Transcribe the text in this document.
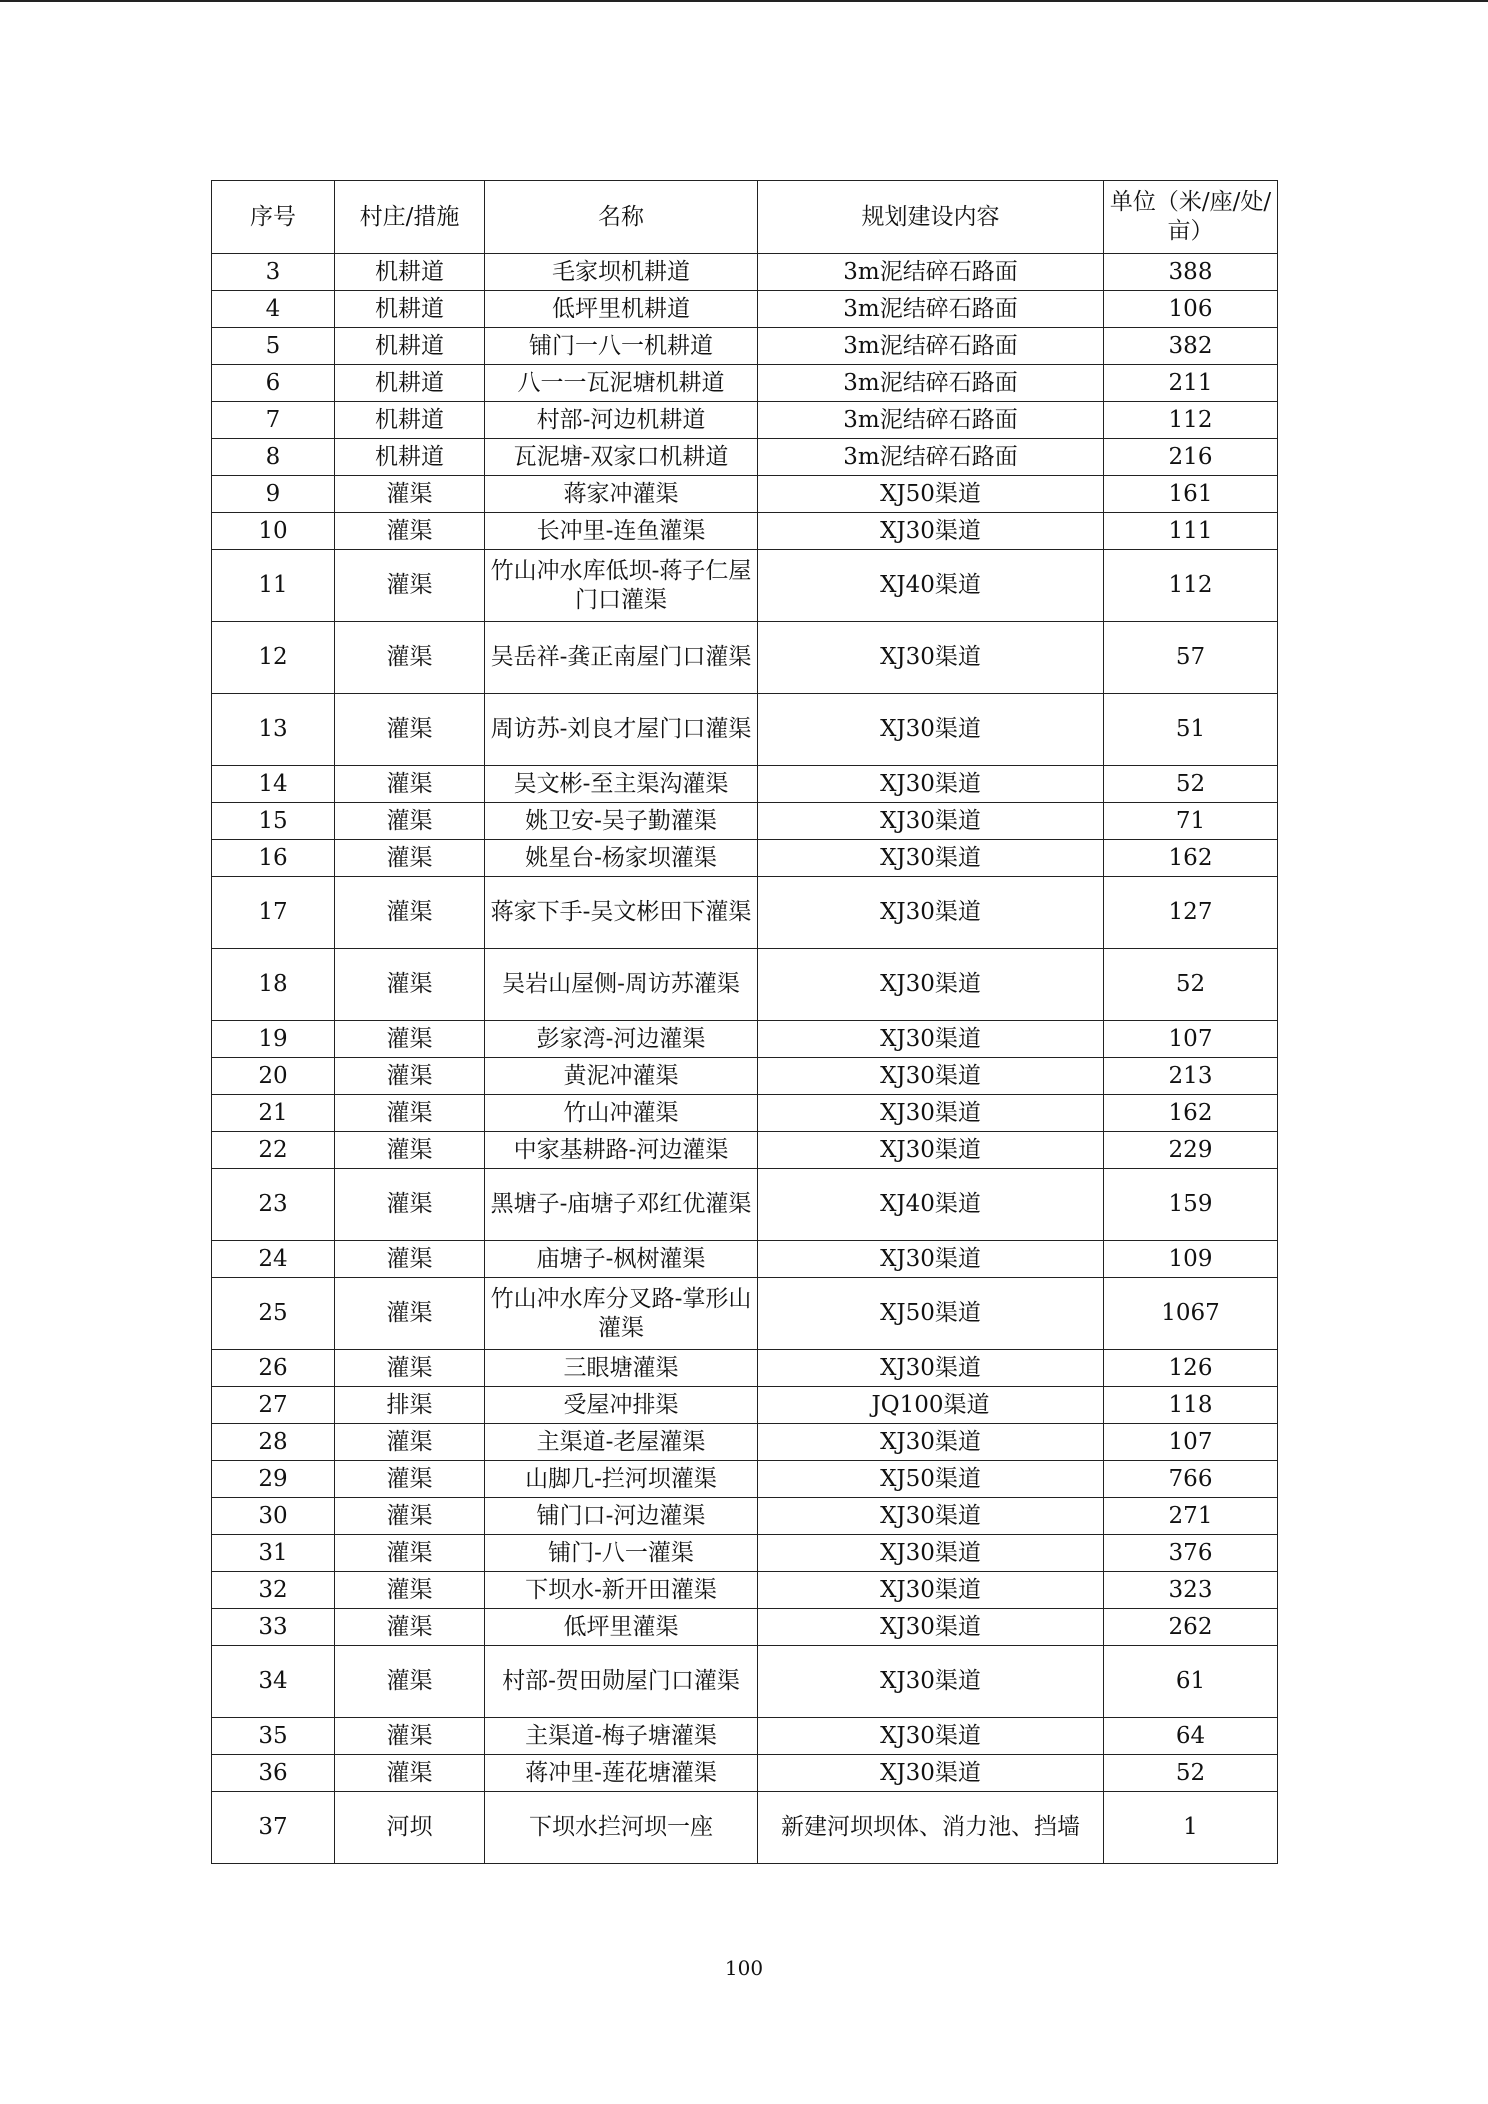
序号	村庄/措施	名称	规划建设内容	单位（米/座/处/亩）
3	机耕道	毛家坝机耕道	3m泥结碎石路面	388
4	机耕道	低坪里机耕道	3m泥结碎石路面	106
5	机耕道	铺门一八一机耕道	3m泥结碎石路面	382
6	机耕道	八一一瓦泥塘机耕道	3m泥结碎石路面	211
7	机耕道	村部-河边机耕道	3m泥结碎石路面	112
8	机耕道	瓦泥塘-双家口机耕道	3m泥结碎石路面	216
9	灌渠	蒋家冲灌渠	XJ50渠道	161
10	灌渠	长冲里-连鱼灌渠	XJ30渠道	111
11	灌渠	竹山冲水库低坝-蒋子仁屋门口灌渠	XJ40渠道	112
12	灌渠	吴岳祥-龚正南屋门口灌渠	XJ30渠道	57
13	灌渠	周访苏-刘良才屋门口灌渠	XJ30渠道	51
14	灌渠	吴文彬-至主渠沟灌渠	XJ30渠道	52
15	灌渠	姚卫安-吴子勤灌渠	XJ30渠道	71
16	灌渠	姚星台-杨家坝灌渠	XJ30渠道	162
17	灌渠	蒋家下手-吴文彬田下灌渠	XJ30渠道	127
18	灌渠	吴岩山屋侧-周访苏灌渠	XJ30渠道	52
19	灌渠	彭家湾-河边灌渠	XJ30渠道	107
20	灌渠	黄泥冲灌渠	XJ30渠道	213
21	灌渠	竹山冲灌渠	XJ30渠道	162
22	灌渠	中家基耕路-河边灌渠	XJ30渠道	229
23	灌渠	黑塘子-庙塘子邓红优灌渠	XJ40渠道	159
24	灌渠	庙塘子-枫树灌渠	XJ30渠道	109
25	灌渠	竹山冲水库分叉路-掌形山灌渠	XJ50渠道	1067
26	灌渠	三眼塘灌渠	XJ30渠道	126
27	排渠	受屋冲排渠	JQ100渠道	118
28	灌渠	主渠道-老屋灌渠	XJ30渠道	107
29	灌渠	山脚几-拦河坝灌渠	XJ50渠道	766
30	灌渠	铺门口-河边灌渠	XJ30渠道	271
31	灌渠	铺门-八一灌渠	XJ30渠道	376
32	灌渠	下坝水-新开田灌渠	XJ30渠道	323
33	灌渠	低坪里灌渠	XJ30渠道	262
34	灌渠	村部-贺田勋屋门口灌渠	XJ30渠道	61
35	灌渠	主渠道-梅子塘灌渠	XJ30渠道	64
36	灌渠	蒋冲里-莲花塘灌渠	XJ30渠道	52
37	河坝	下坝水拦河坝一座	新建河坝坝体、消力池、挡墙	1
100
